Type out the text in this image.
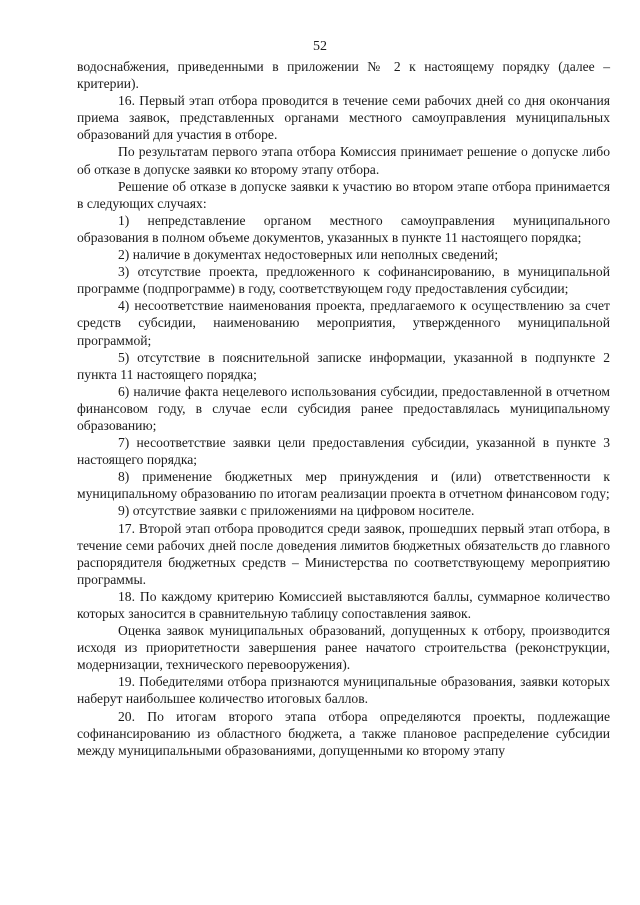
52

водоснабжения, приведенными в приложении № 2 к настоящему порядку (далее – критерии).

16. Первый этап отбора проводится в течение семи рабочих дней со дня окончания приема заявок, представленных органами местного самоуправления муниципальных образований для участия в отборе.

По результатам первого этапа отбора Комиссия принимает решение о допуске либо об отказе в допуске заявки ко второму этапу отбора.

Решение об отказе в допуске заявки к участию во втором этапе отбора принимается в следующих случаях:

1) непредставление органом местного самоуправления муниципального образования в полном объеме документов, указанных в пункте 11 настоящего порядка;

2) наличие в документах недостоверных или неполных сведений;

3) отсутствие проекта, предложенного к софинансированию, в муниципальной программе (подпрограмме) в году, соответствующем году предоставления субсидии;

4) несоответствие наименования проекта, предлагаемого к осуществлению за счет средств субсидии, наименованию мероприятия, утвержденного муниципальной программой;

5) отсутствие в пояснительной записке информации, указанной в подпункте 2 пункта 11 настоящего порядка;

6) наличие факта нецелевого использования субсидии, предоставленной в отчетном финансовом году, в случае если субсидия ранее предоставлялась муниципальному образованию;

7) несоответствие заявки цели предоставления субсидии, указанной в пункте 3 настоящего порядка;

8) применение бюджетных мер принуждения и (или) ответственности к муниципальному образованию по итогам реализации проекта в отчетном финансовом году;

9) отсутствие заявки с приложениями на цифровом носителе.

17. Второй этап отбора проводится среди заявок, прошедших первый этап отбора, в течение семи рабочих дней после доведения лимитов бюджетных обязательств до главного распорядителя бюджетных средств – Министерства по соответствующему мероприятию программы.

18. По каждому критерию Комиссией выставляются баллы, суммарное количество которых заносится в сравнительную таблицу сопоставления заявок.

Оценка заявок муниципальных образований, допущенных к отбору, производится исходя из приоритетности завершения ранее начатого строительства (реконструкции, модернизации, технического перевооружения).

19. Победителями отбора признаются муниципальные образования, заявки которых наберут наибольшее количество итоговых баллов.

20. По итогам второго этапа отбора определяются проекты, подлежащие софинансированию из областного бюджета, а также плановое распределение субсидии между муниципальными образованиями, допущенными ко второму этапу
